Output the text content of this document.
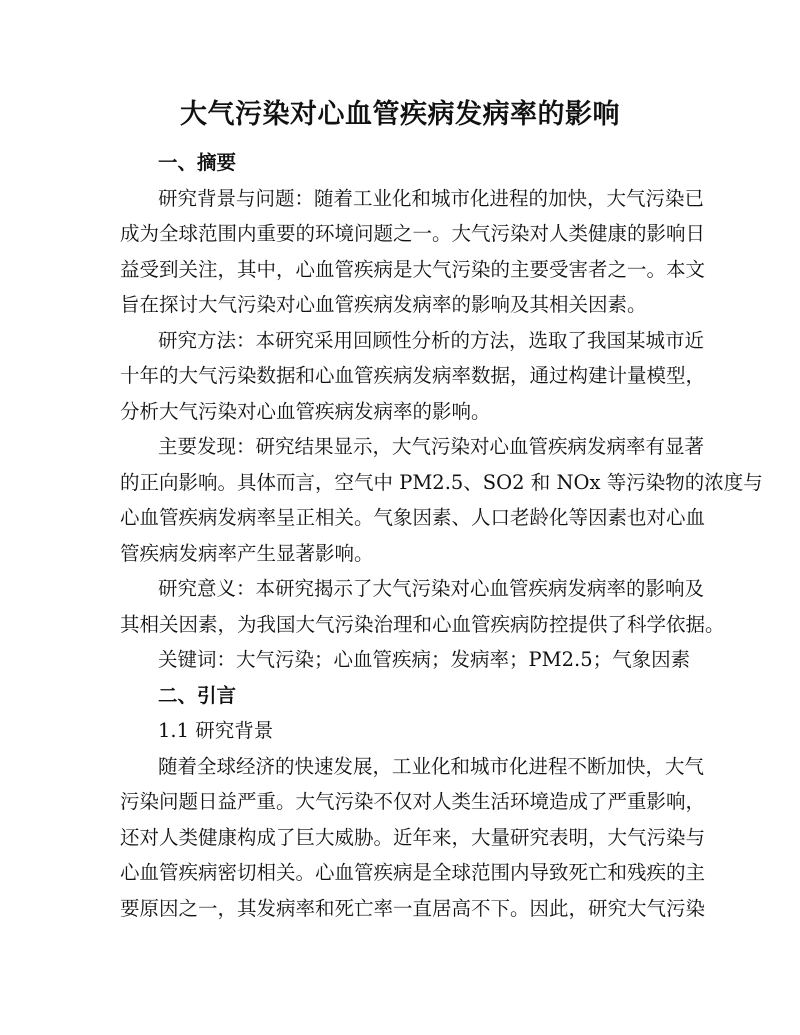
大气污染对心血管疾病发病率的影响
一、摘要
研究背景与问题：随着工业化和城市化进程的加快，大气污染已
成为全球范围内重要的环境问题之一。大气污染对人类健康的影响日
益受到关注，其中，心血管疾病是大气污染的主要受害者之一。本文
旨在探讨大气污染对心血管疾病发病率的影响及其相关因素。
研究方法：本研究采用回顾性分析的方法，选取了我国某城市近
十年的大气污染数据和心血管疾病发病率数据，通过构建计量模型，
分析大气污染对心血管疾病发病率的影响。
主要发现：研究结果显示，大气污染对心血管疾病发病率有显著
的正向影响。具体而言，空气中 PM2.5、SO2 和 NOx 等污染物的浓度与
心血管疾病发病率呈正相关。气象因素、人口老龄化等因素也对心血
管疾病发病率产生显著影响。
研究意义：本研究揭示了大气污染对心血管疾病发病率的影响及
其相关因素，为我国大气污染治理和心血管疾病防控提供了科学依据。
关键词：大气污染；心血管疾病；发病率；PM2.5；气象因素
二、引言
1.1 研究背景
随着全球经济的快速发展，工业化和城市化进程不断加快，大气
污染问题日益严重。大气污染不仅对人类生活环境造成了严重影响，
还对人类健康构成了巨大威胁。近年来，大量研究表明，大气污染与
心血管疾病密切相关。心血管疾病是全球范围内导致死亡和残疾的主
要原因之一，其发病率和死亡率一直居高不下。因此，研究大气污染
